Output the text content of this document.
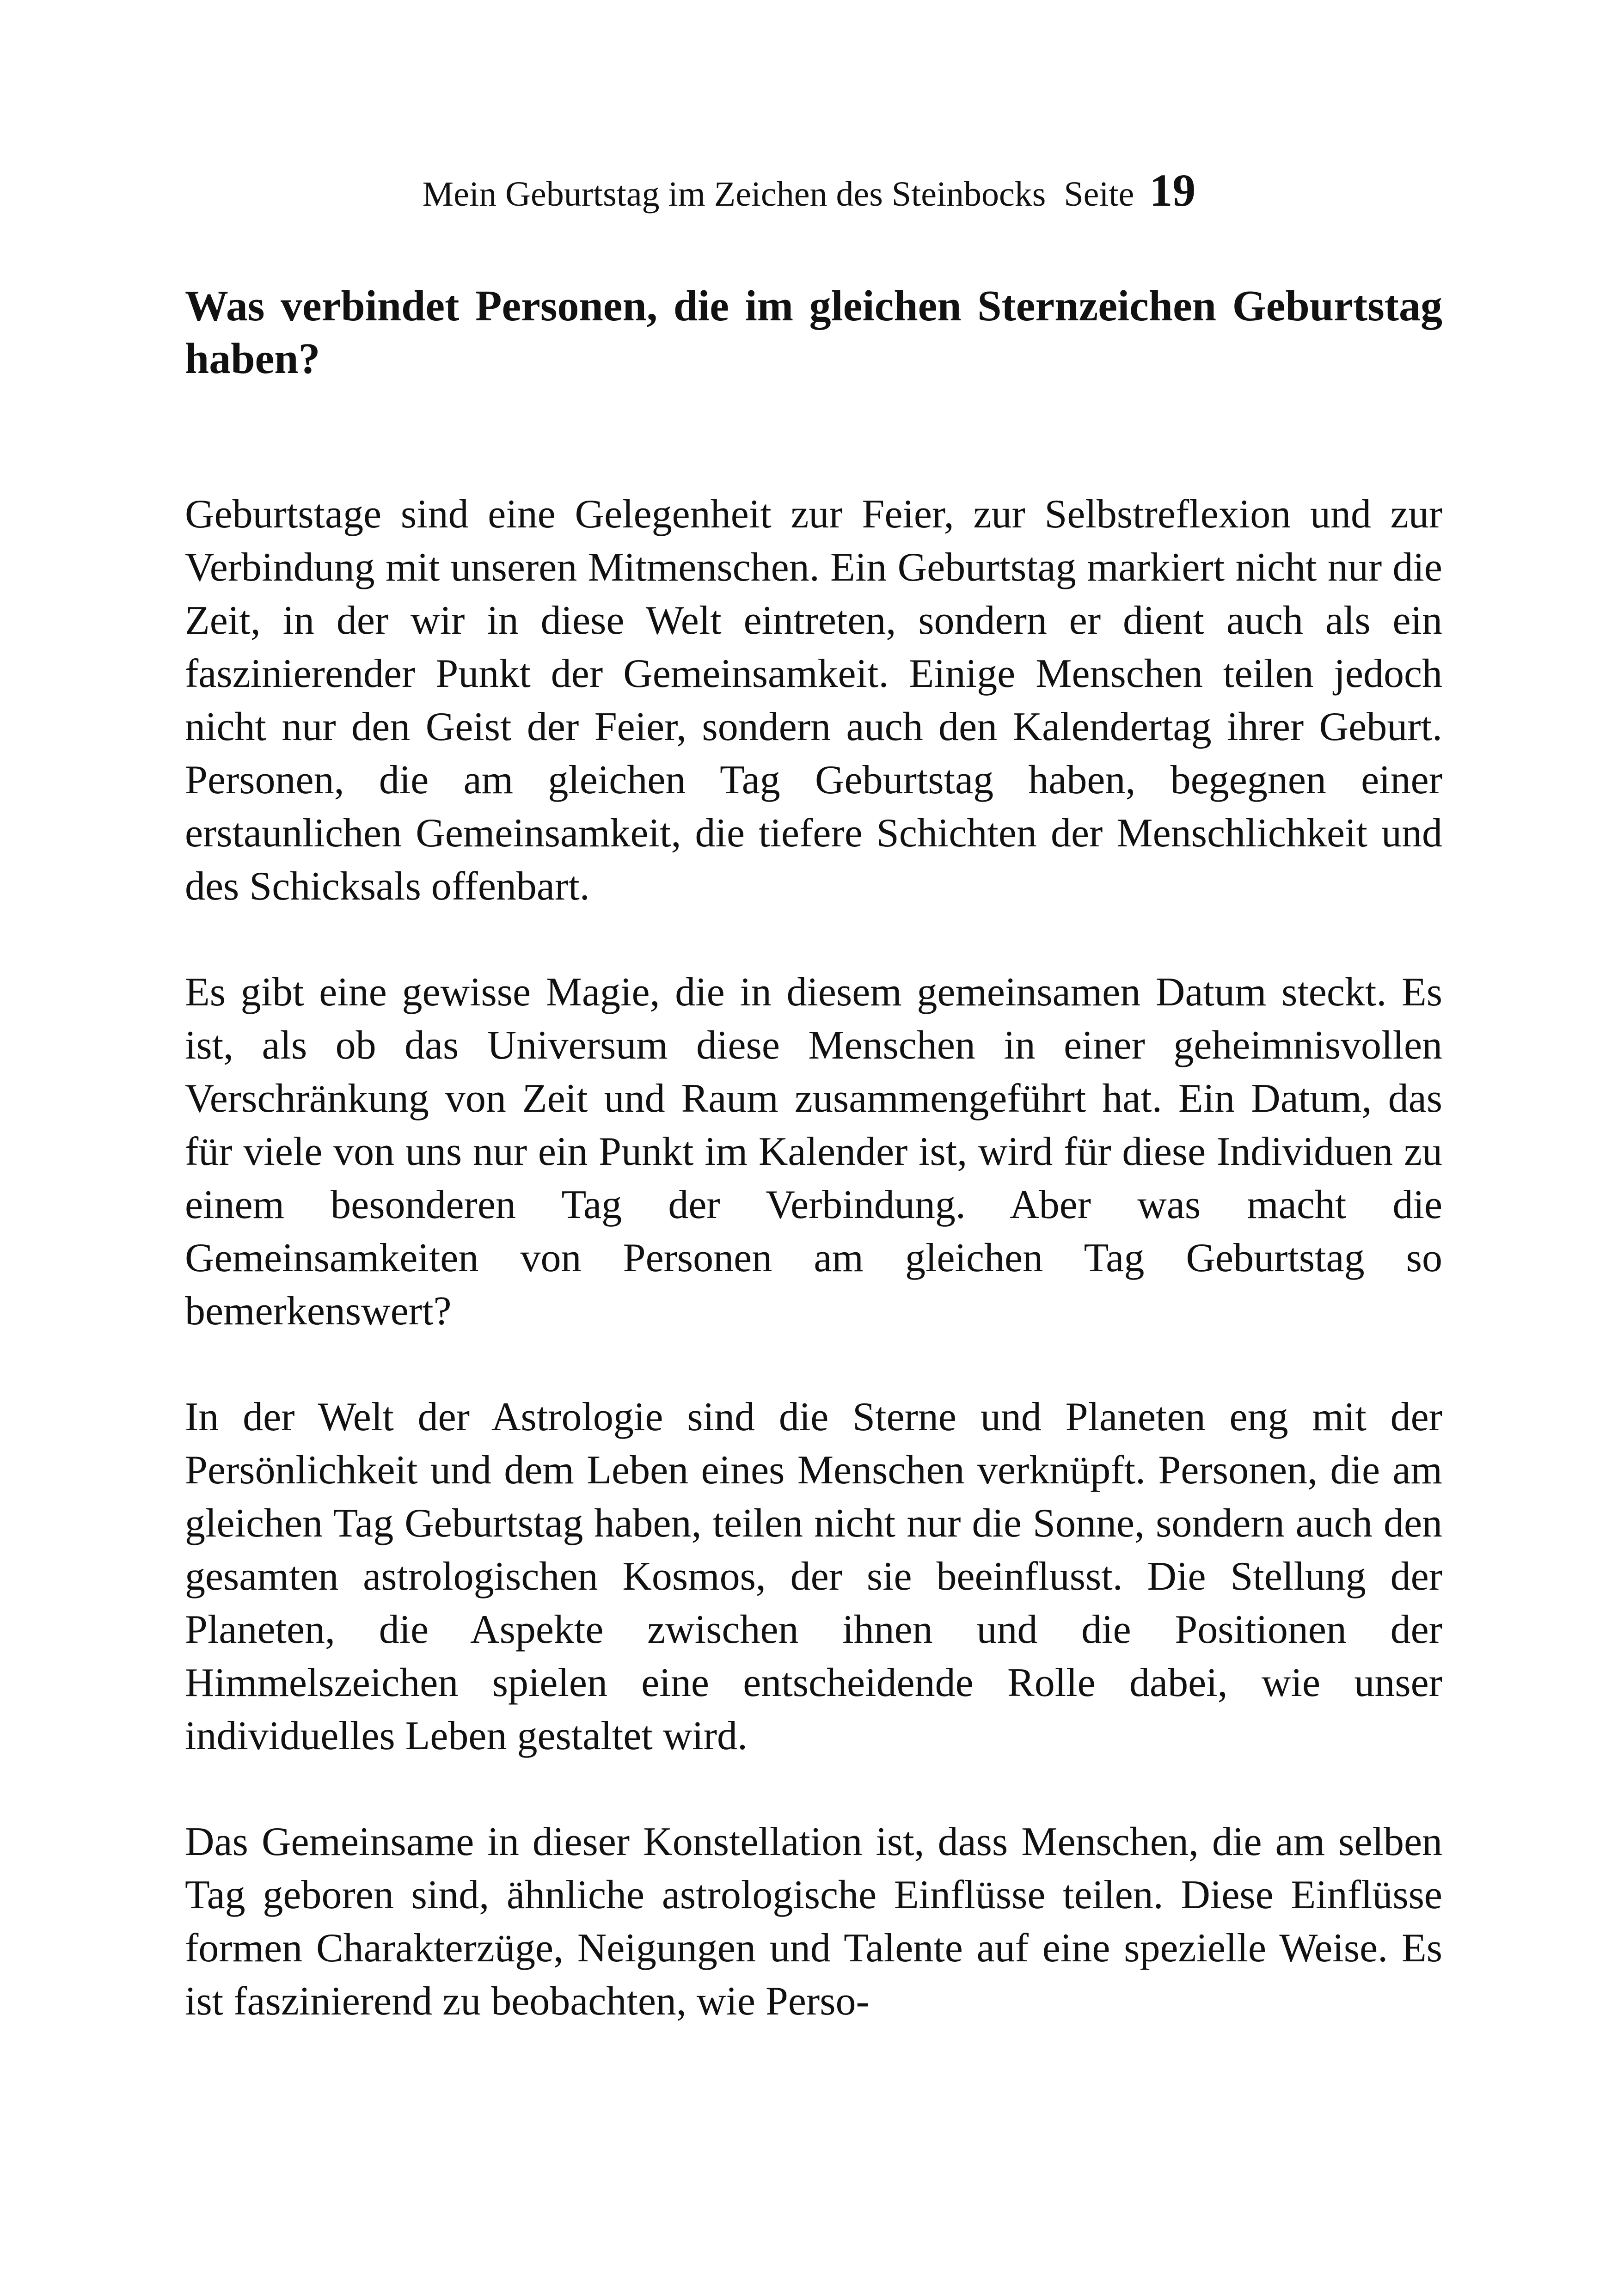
Mein Geburtstag im Zeichen des Steinbocks Seite 19
Was verbindet Personen, die im gleichen Sternzeichen Geburtstag haben?

Geburtstage sind eine Gelegenheit zur Feier, zur Selbstreflexion und zur Verbindung mit unseren Mitmenschen. Ein Geburtstag markiert nicht nur die Zeit, in der wir in diese Welt eintreten, sondern er dient auch als ein faszinierender Punkt der Gemeinsamkeit. Einige Menschen teilen jedoch nicht nur den Geist der Feier, sondern auch den Kalendertag ihrer Geburt. Personen, die am gleichen Tag Geburtstag haben, begegnen einer erstaunlichen Gemeinsamkeit, die tiefere Schichten der Menschlichkeit und des Schicksals offenbart.

Es gibt eine gewisse Magie, die in diesem gemeinsamen Datum steckt. Es ist, als ob das Universum diese Menschen in einer geheimnisvollen Verschränkung von Zeit und Raum zusammengeführt hat. Ein Datum, das für viele von uns nur ein Punkt im Kalender ist, wird für diese Individuen zu einem besonderen Tag der Verbindung. Aber was macht die Gemeinsamkeiten von Personen am gleichen Tag Geburtstag so bemerkenswert?

In der Welt der Astrologie sind die Sterne und Planeten eng mit der Persönlichkeit und dem Leben eines Menschen verknüpft. Personen, die am gleichen Tag Geburtstag haben, teilen nicht nur die Sonne, sondern auch den gesamten astrologischen Kosmos, der sie beeinflusst. Die Stellung der Planeten, die Aspekte zwischen ihnen und die Positionen der Himmelszeichen spielen eine entscheidende Rolle dabei, wie unser individuelles Leben gestaltet wird.

Das Gemeinsame in dieser Konstellation ist, dass Menschen, die am selben Tag geboren sind, ähnliche astrologische Einflüsse teilen. Diese Einflüsse formen Charakterzüge, Neigungen und Talente auf eine spezielle Weise. Es ist faszinierend zu beobachten, wie Perso-
